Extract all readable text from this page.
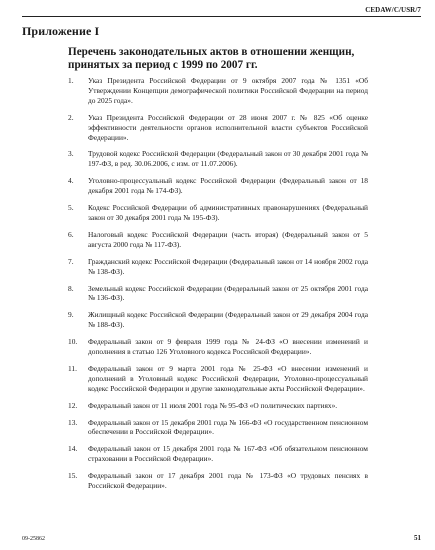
CEDAW/C/USR/7
Приложение I
Перечень законодательных актов в отношении женщин, принятых за период с 1999 по 2007 гг.
1. Указ Президента Российской Федерации от 9 октября 2007 года № 1351 «Об Утверждении Концепции демографической политики Российской Федерации на период до 2025 года».
2. Указ Президента Российской Федерации от 28 июня 2007 г. № 825 «Об оценке эффективности деятельности органов исполнительной власти субъектов Российской Федерации».
3. Трудовой кодекс Российской Федерации (Федеральный закон от 30 декабря 2001 года № 197-ФЗ, в ред. 30.06.2006, с изм. от 11.07.2006).
4. Уголовно-процессуальный кодекс Российской Федерации (Федеральный закон от 18 декабря 2001 года № 174-ФЗ).
5. Кодекс Российской Федерации об административных правонарушениях (Федеральный закон от 30 декабря 2001 года № 195-ФЗ).
6. Налоговый кодекс Российской Федерации (часть вторая) (Федеральный закон от 5 августа 2000 года № 117-ФЗ).
7. Гражданский кодекс Российской Федерации (Федеральный закон от 14 ноября 2002 года № 138-ФЗ).
8. Земельный кодекс Российской Федерации (Федеральный закон от 25 октября 2001 года № 136-ФЗ).
9. Жилищный кодекс Российской Федерации (Федеральный закон от 29 декабря 2004 года № 188-ФЗ).
10. Федеральный закон от 9 февраля 1999 года № 24-ФЗ «О внесении изменений и дополнения в статью 126 Уголовного кодекса Российской Федерации».
11. Федеральный закон от 9 марта 2001 года № 25-ФЗ «О внесении изменений и дополнений в Уголовный кодекс Российской Федерации, Уголовно-процессуальный кодекс Российской Федерации и другие законодательные акты Российской Федерации».
12. Федеральный закон от 11 июля 2001 года № 95-ФЗ «О политических партиях».
13. Федеральный закон от 15 декабря 2001 года № 166-ФЗ «О государственном пенсионном обеспечении в Российской Федерации».
14. Федеральный закон от 15 декабря 2001 года № 167-ФЗ «Об обязательном пенсионном страховании в Российской Федерации».
15. Федеральный закон от 17 декабря 2001 года № 173-ФЗ «О трудовых пенсиях в Российской Федерации».
09-25862	51
